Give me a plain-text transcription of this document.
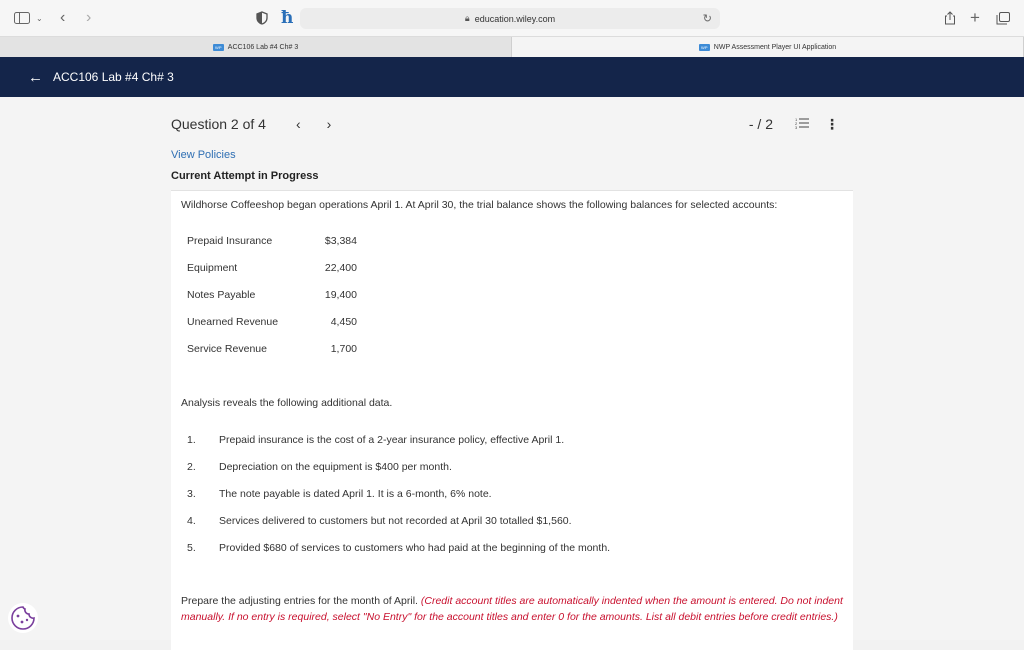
⌄ ‹ ›	ħ	🔒︎ education.wiley.com	↻	+
WP ACC106 Lab #4 Ch# 3	WP NWP Assessment Player UI Application
← ACC106 Lab #4 Ch# 3
Question 2 of 4 ‹ ›	- / 2	1
2
3 ⋮
View Policies
Current Attempt in Progress
Wildhorse Coffeeshop began operations April 1. At April 30, the trial balance shows the following balances for selected accounts:
Prepaid Insurance	$3,384
Equipment	22,400
Notes Payable	19,400
Unearned Revenue	4,450
Service Revenue	1,700
Analysis reveals the following additional data.
1.	Prepaid insurance is the cost of a 2-year insurance policy, effective April 1.
2.	Depreciation on the equipment is $400 per month.
3.	The note payable is dated April 1. It is a 6-month, 6% note.
4.	Services delivered to customers but not recorded at April 30 totalled $1,560.
5.	Provided $680 of services to customers who had paid at the beginning of the month.
Prepare the adjusting entries for the month of April. (Credit account titles are automatically indented when the amount is entered. Do not indent manually. If no entry is required, select "No Entry" for the account titles and enter 0 for the amounts. List all debit entries before credit entries.)
